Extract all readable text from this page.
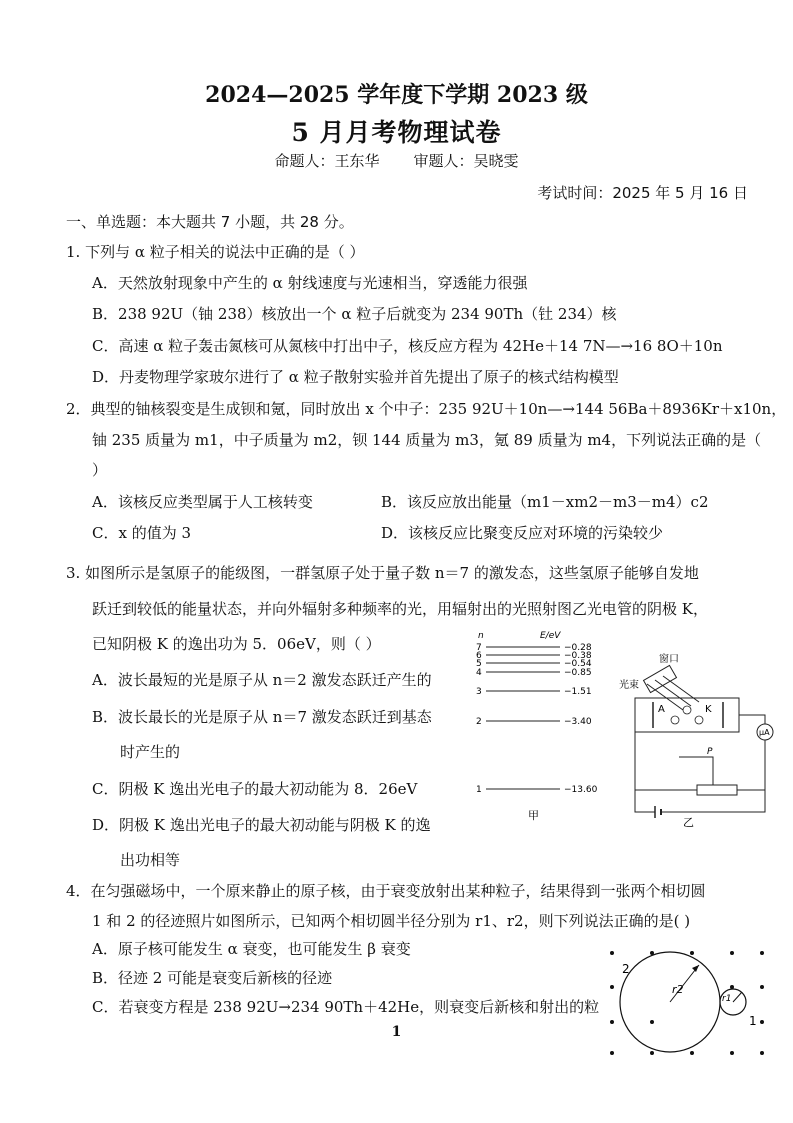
2024—2025 学年度下学期 2023 级
5 月月考物理试卷
命题人：王东华 审题人：吴晓雯
考试时间：2025 年 5 月 16 日
一、单选题：本大题共 7 小题，共 28 分。
1. 下列与 α 粒子相关的说法中正确的是（ ）
A．天然放射现象中产生的 α 射线速度与光速相当，穿透能力很强
B．238 92U（铀 238）核放出一个 α 粒子后就变为 234 90Th（钍 234）核
C．高速 α 粒子轰击氮核可从氮核中打出中子，核反应方程为 42He＋14 7N—→16 8O＋10n
D．丹麦物理学家玻尔进行了 α 粒子散射实验并首先提出了原子的核式结构模型
2．典型的铀核裂变是生成钡和氪，同时放出 x 个中子：235 92U＋10n—→144 56Ba＋8936Kr＋x10n，
铀 235 质量为 m1，中子质量为 m2，钡 144 质量为 m3，氪 89 质量为 m4，下列说法正确的是（
）
A．该核反应类型属于人工核转变	B．该反应放出能量（m1－xm2－m3－m4）c2
C．x 的值为 3	D．该核反应比聚变反应对环境的污染较少
3. 如图所示是氢原子的能级图，一群氢原子处于量子数 n＝7 的激发态，这些氢原子能够自发地
跃迁到较低的能量状态，并向外辐射多种频率的光，用辐射出的光照射图乙光电管的阴极 K，
已知阴极 K 的逸出功为 5．06eV，则（ ）
A．波长最短的光是原子从 n＝2 激发态跃迁产生的
B．波长最长的光是原子从 n＝7 激发态跃迁到基态
时产生的
C．阴极 K 逸出光电子的最大初动能为 8．26eV
D．阴极 K 逸出光电子的最大初动能与阴极 K 的逸
出功相等
n	E/eV
7	−0.28
6	−0.38
5	−0.54
4	−0.85
3	−1.51
2	−3.40
1	−13.60
甲
窗口
光束
A	K
μA
P
乙
4．在匀强磁场中，一个原来静止的原子核，由于衰变放射出某种粒子，结果得到一张两个相切圆
1 和 2 的径迹照片如图所示，已知两个相切圆半径分别为 r1、r2，则下列说法正确的是( )
A．原子核可能发生 α 衰变，也可能发生 β 衰变
B．径迹 2 可能是衰变后新核的径迹
C．若衰变方程是 238 92U→234 90Th＋42He，则衰变后新核和射出的粒
r2
r1
2
1
1
